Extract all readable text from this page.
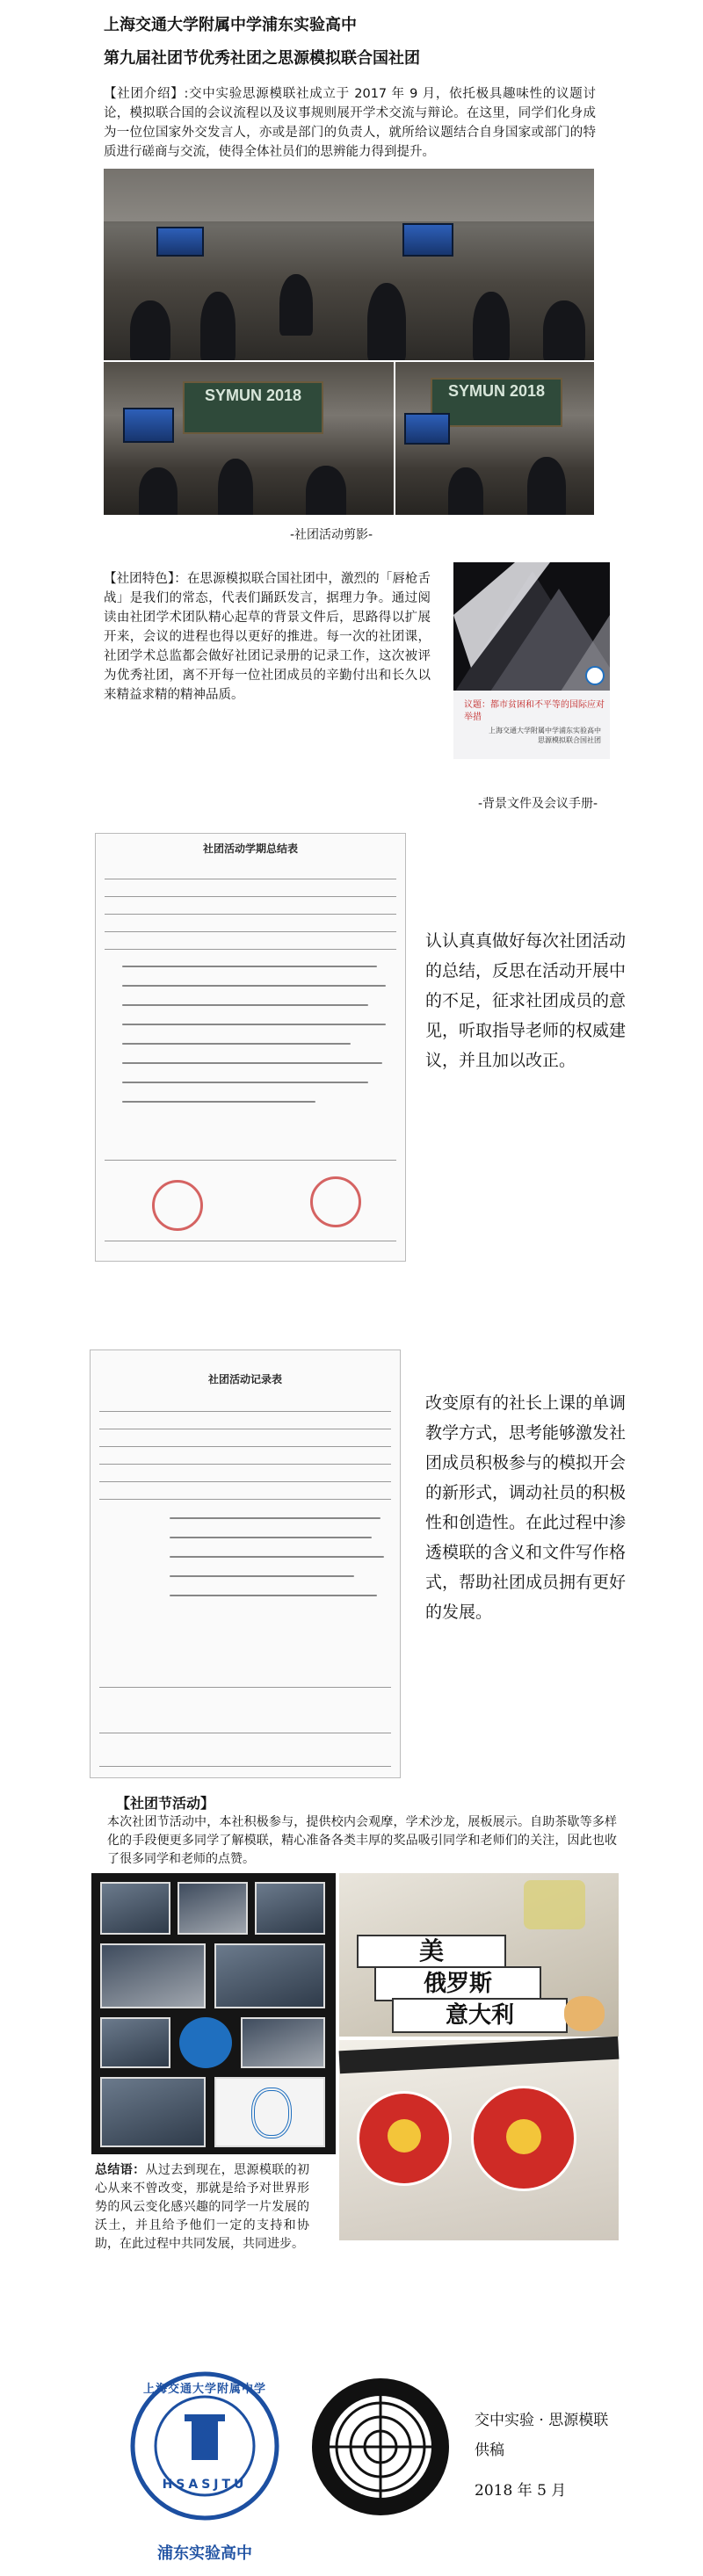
上海交通大学附属中学浦东实验高中
第九届社团节优秀社团之思源模拟联合国社团
【社团介绍】:交中实验思源模联社成立于 2017 年 9 月，依托极具趣味性的议题讨论，模拟联合国的会议流程以及议事规则展开学术交流与辩论。在这里，同学们化身成为一位位国家外交发言人，亦或是部门的负责人，就所给议题结合自身国家或部门的特质进行磋商与交流，使得全体社员们的思辨能力得到提升。
SYMUN 2018	SYMUN 2018
-社团活动剪影-
【社团特色】：在思源模拟联合国社团中，激烈的「唇枪舌战」是我们的常态，代表们踊跃发言，据理力争。通过阅读由社团学术团队精心起草的背景文件后，思路得以扩展开来，会议的进程也得以更好的推进。每一次的社团课，社团学术总监都会做好社团记录册的记录工作，这次被评为优秀社团，离不开每一位社团成员的辛勤付出和长久以来精益求精的精神品质。
议题：都市贫困和不平等的国际应对举措
上海交通大学附属中学浦东实验高中
思源模拟联合国社团
-背景文件及会议手册-
社团活动学期总结表
认认真真做好每次社团活动的总结，反思在活动开展中的不足，征求社团成员的意见，听取指导老师的权威建议，并且加以改正。
社团活动记录表
改变原有的社长上课的单调教学方式，思考能够激发社团成员积极参与的模拟开会的新形式，调动社员的积极性和创造性。在此过程中渗透模联的含义和文件写作格式，帮助社团成员拥有更好的发展。
【社团节活动】
本次社团节活动中，本社积极参与，提供校内会观摩，学术沙龙，展板展示。自助茶歇等多样化的手段便更多同学了解模联，精心准备各类丰厚的奖品吸引同学和老师们的关注，因此也收了很多同学和老师的点赞。
美
俄罗斯
意大利
总结语：从过去到现在，思源模联的初心从来不曾改变，那就是给予对世界形势的风云变化感兴趣的同学一片发展的沃土，并且给予他们一定的支持和协助，在此过程中共同发展，共同进步。
上海交通大学附属中学
HSASJTU
浦东实验高中
交中实验 · 思源模联
供稿
2018 年 5 月
